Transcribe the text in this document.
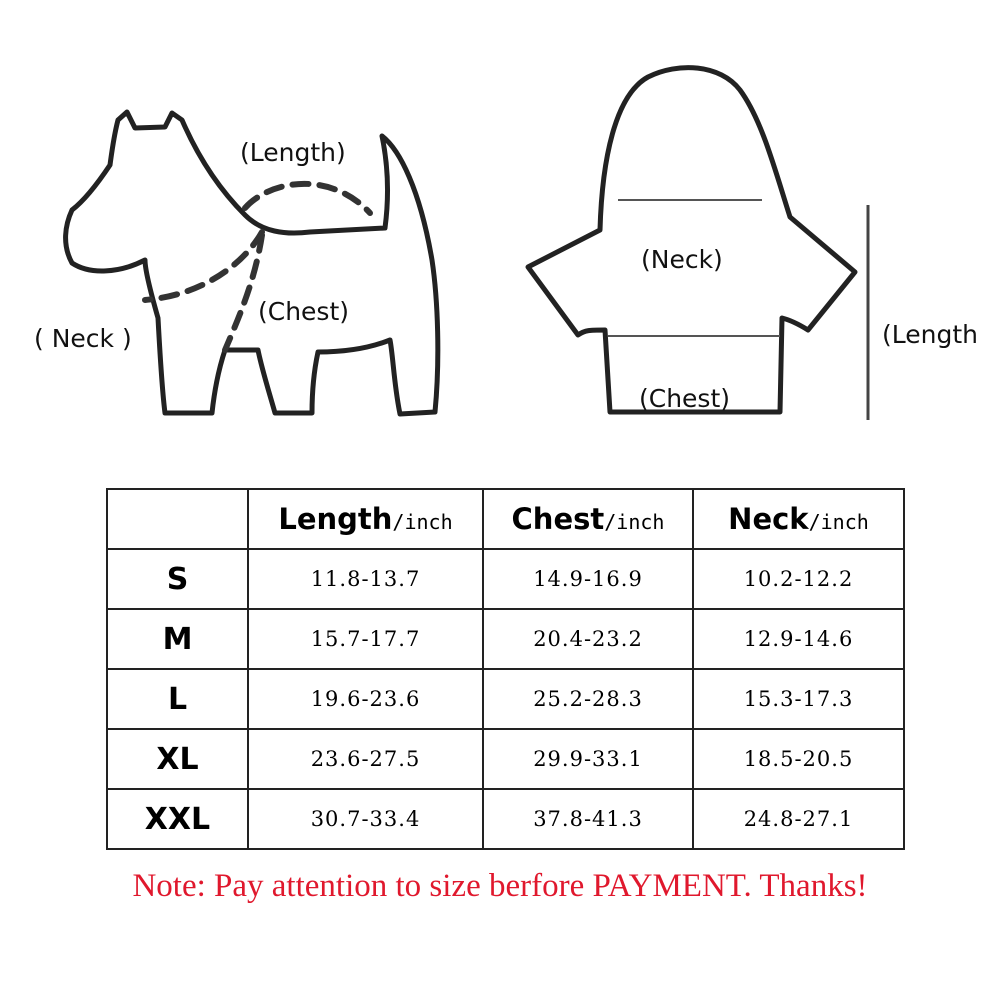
(Length)
(Chest)
( Neck )
(Neck)
(Chest)
(Length
	Length/inch	Chest/inch	Neck/inch
S	11.8-13.7	14.9-16.9	10.2-12.2
M	15.7-17.7	20.4-23.2	12.9-14.6
L	19.6-23.6	25.2-28.3	15.3-17.3
XL	23.6-27.5	29.9-33.1	18.5-20.5
XXL	30.7-33.4	37.8-41.3	24.8-27.1
Note: Pay attention to size berfore PAYMENT. Thanks!
